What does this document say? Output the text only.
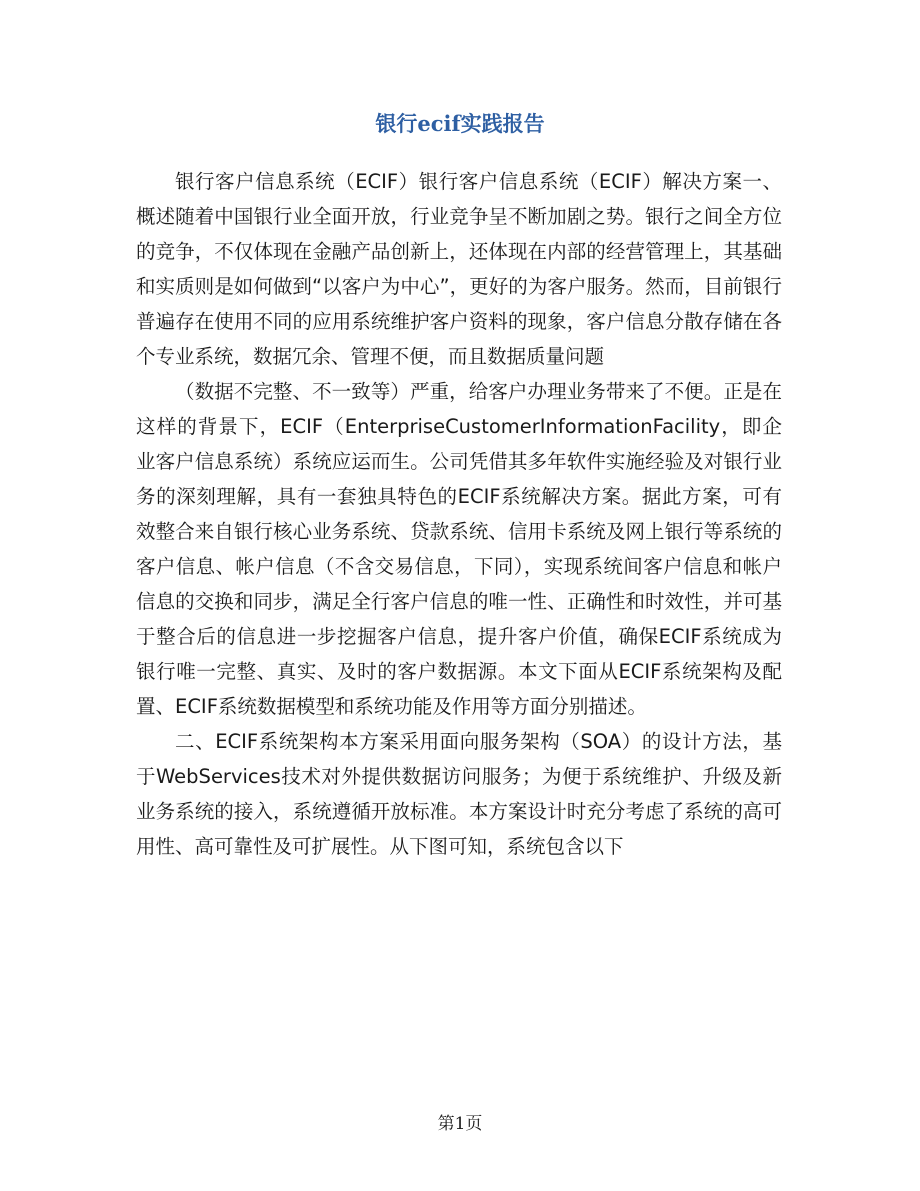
银行ecif实践报告

银行客户信息系统（ECIF）银行客户信息系统（ECIF）解决方案一、概述随着中国银行业全面开放，行业竞争呈不断加剧之势。银行之间全方位的竞争，不仅体现在金融产品创新上，还体现在内部的经营管理上，其基础和实质则是如何做到“以客户为中心”，更好的为客户服务。然而，目前银行普遍存在使用不同的应用系统维护客户资料的现象，客户信息分散存储在各个专业系统，数据冗余、管理不便，而且数据质量问题

（数据不完整、不一致等）严重，给客户办理业务带来了不便。正是在这样的背景下，ECIF（EnterpriseCustomerInformationFacility，即企业客户信息系统）系统应运而生。公司凭借其多年软件实施经验及对银行业务的深刻理解，具有一套独具特色的ECIF系统解决方案。据此方案，可有效整合来自银行核心业务系统、贷款系统、信用卡系统及网上银行等系统的客户信息、帐户信息（不含交易信息，下同），实现系统间客户信息和帐户信息的交换和同步，满足全行客户信息的唯一性、正确性和时效性，并可基于整合后的信息进一步挖掘客户信息，提升客户价值，确保ECIF系统成为银行唯一完整、真实、及时的客户数据源。本文下面从ECIF系统架构及配置、ECIF系统数据模型和系统功能及作用等方面分别描述。

二、ECIF系统架构本方案采用面向服务架构（SOA）的设计方法，基于WebServices技术对外提供数据访问服务；为便于系统维护、升级及新业务系统的接入，系统遵循开放标准。本方案设计时充分考虑了系统的高可用性、高可靠性及可扩展性。从下图可知，系统包含以下

第1页
